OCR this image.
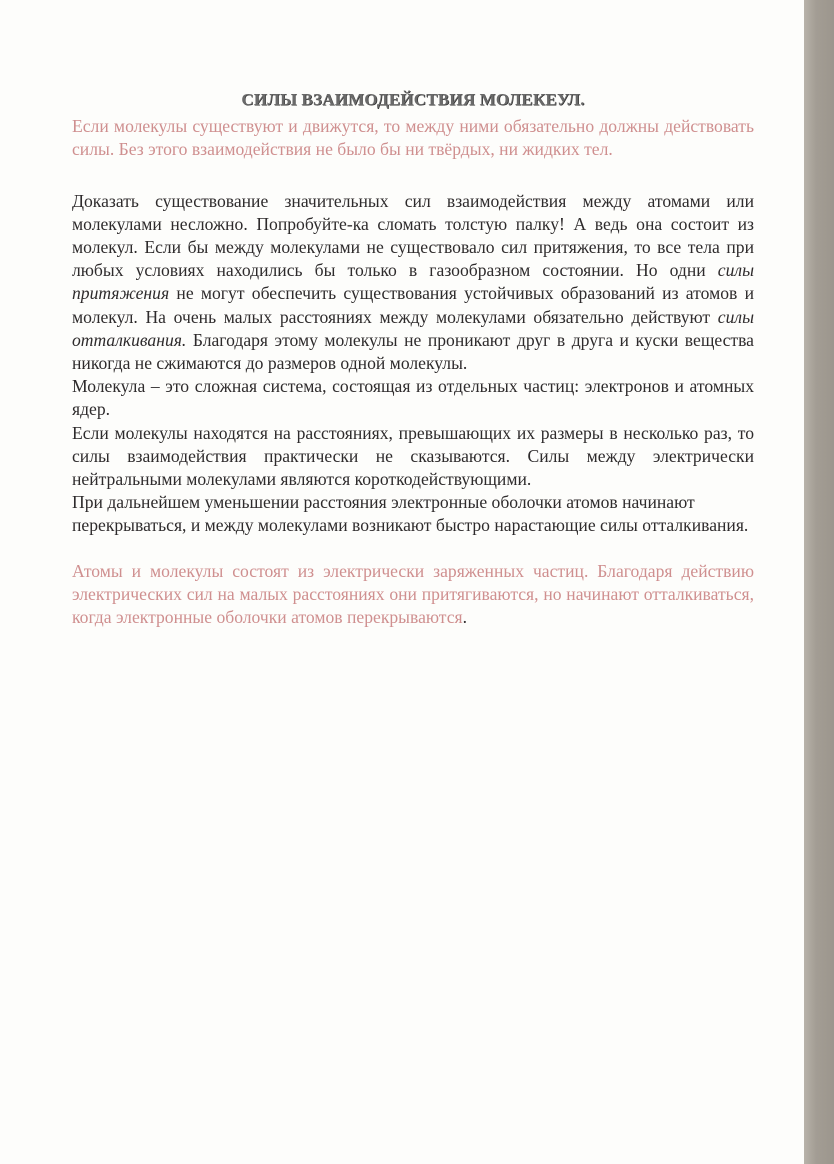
СИЛЫ ВЗАИМОДЕЙСТВИЯ МОЛЕКЕУЛ.

Если молекулы существуют и движутся, то между ними обязательно должны действовать силы. Без этого взаимодействия не было бы ни твёрдых, ни жидких тел.

Доказать существование значительных сил взаимодействия между атомами или молекулами несложно. Попробуйте-ка сломать толстую палку! А ведь она состоит из молекул. Если бы между молекулами не существовало сил притяжения, то все тела при любых условиях находились бы только в газообразном состоянии. Но одни силы притяжения не могут обеспечить существования устойчивых образований из атомов и молекул. На очень малых расстояниях между молекулами обязательно действуют силы отталкивания. Благодаря этому молекулы не проникают друг в друга и куски вещества никогда не сжимаются до размеров одной молекулы.

Молекула – это сложная система, состоящая из отдельных частиц: электронов и атомных ядер.

Если молекулы находятся на расстояниях, превышающих их размеры в несколько раз, то силы взаимодействия практически не сказываются. Силы между электрически нейтральными молекулами являются короткодействующими.

При дальнейшем уменьшении расстояния электронные оболочки атомов начинают перекрываться, и между молекулами возникают быстро нарастающие силы отталкивания.

Атомы и молекулы состоят из электрически заряженных частиц. Благодаря действию электрических сил на малых расстояниях они притягиваются, но начинают отталкиваться, когда электронные оболочки атомов перекрываются.
